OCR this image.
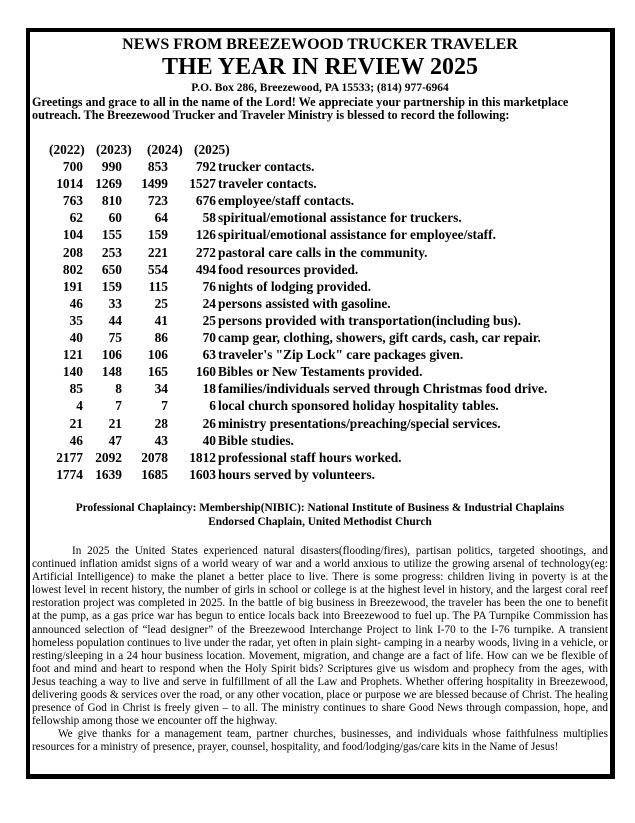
NEWS FROM BREEZEWOOD TRUCKER TRAVELER
THE YEAR IN REVIEW 2025
P.O. Box 286, Breezewood, PA 15533; (814) 977-6964
Greetings and grace to all in the name of the Lord! We appreciate your partnership in this marketplace outreach. The Breezewood Trucker and Traveler Ministry is blessed to record the following:
(2022) (2023) (2024) (2025)
700 990 853 792 trucker contacts.
1014 1269 1499 1527 traveler contacts.
763 810 723 676 employee/staff contacts.
62 60 64	58 spiritual/emotional assistance for truckers.
104 155 159 126 spiritual/emotional assistance for employee/staff.
208 253 221 272 pastoral care calls in the community.
802 650 554 494 food resources provided.
191 159 115	76 nights of lodging provided.
46 33 25	24 persons assisted with gasoline.
35 44 41	25 persons provided with transportation(including bus).
40 75 86	70 camp gear, clothing, showers, gift cards, cash, car repair.
121 106 106	63 traveler's "Zip Lock" care packages given.
140 148 165 160 Bibles or New Testaments provided.
85 8 34	18 families/individuals served through Christmas food drive.
4 7	7	6 local church sponsored holiday hospitality tables.
21 21 28	26 ministry presentations/preaching/special services.
46 47 43	40 Bible studies.
2177 2092 2078 1812 professional staff hours worked.
1774 1639 1685 1603 hours served by volunteers.
Professional Chaplaincy: Membership(NIBIC): National Institute of Business & Industrial Chaplains
Endorsed Chaplain, United Methodist Church

In 2025 the United States experienced natural disasters(flooding/fires), partisan politics, targeted shootings, and continued inflation amidst signs of a world weary of war and a world anxious to utilize the growing arsenal of technology(eg: Artificial Intelligence) to make the planet a better place to live. There is some progress: children living in poverty is at the lowest level in recent history, the number of girls in school or college is at the highest level in history, and the largest coral reef restoration project was completed in 2025. In the battle of big business in Breezewood, the traveler has been the one to benefit at the pump, as a gas price war has begun to entice locals back into Breezewood to fuel up. The PA Turnpike Commission has announced selection of “lead designer” of the Breezewood Interchange Project to link I-70 to the I-76 turnpike. A transient homeless population continues to live under the radar, yet often in plain sight- camping in a nearby woods, living in a vehicle, or resting/sleeping in a 24 hour business location. Movement, migration, and change are a fact of life. How can we be flexible of foot and mind and heart to respond when the Holy Spirit bids? Scriptures give us wisdom and prophecy from the ages, with Jesus teaching a way to live and serve in fulfillment of all the Law and Prophets. Whether offering hospitality in Breezewood, delivering goods & services over the road, or any other vocation, place or purpose we are blessed because of Christ. The healing presence of God in Christ is freely given – to all. The ministry continues to share Good News through compassion, hope, and fellowship among those we encounter off the highway.

We give thanks for a management team, partner churches, businesses, and individuals whose faithfulness multiplies resources for a ministry of presence, prayer, counsel, hospitality, and food/lodging/gas/care kits in the Name of Jesus!
